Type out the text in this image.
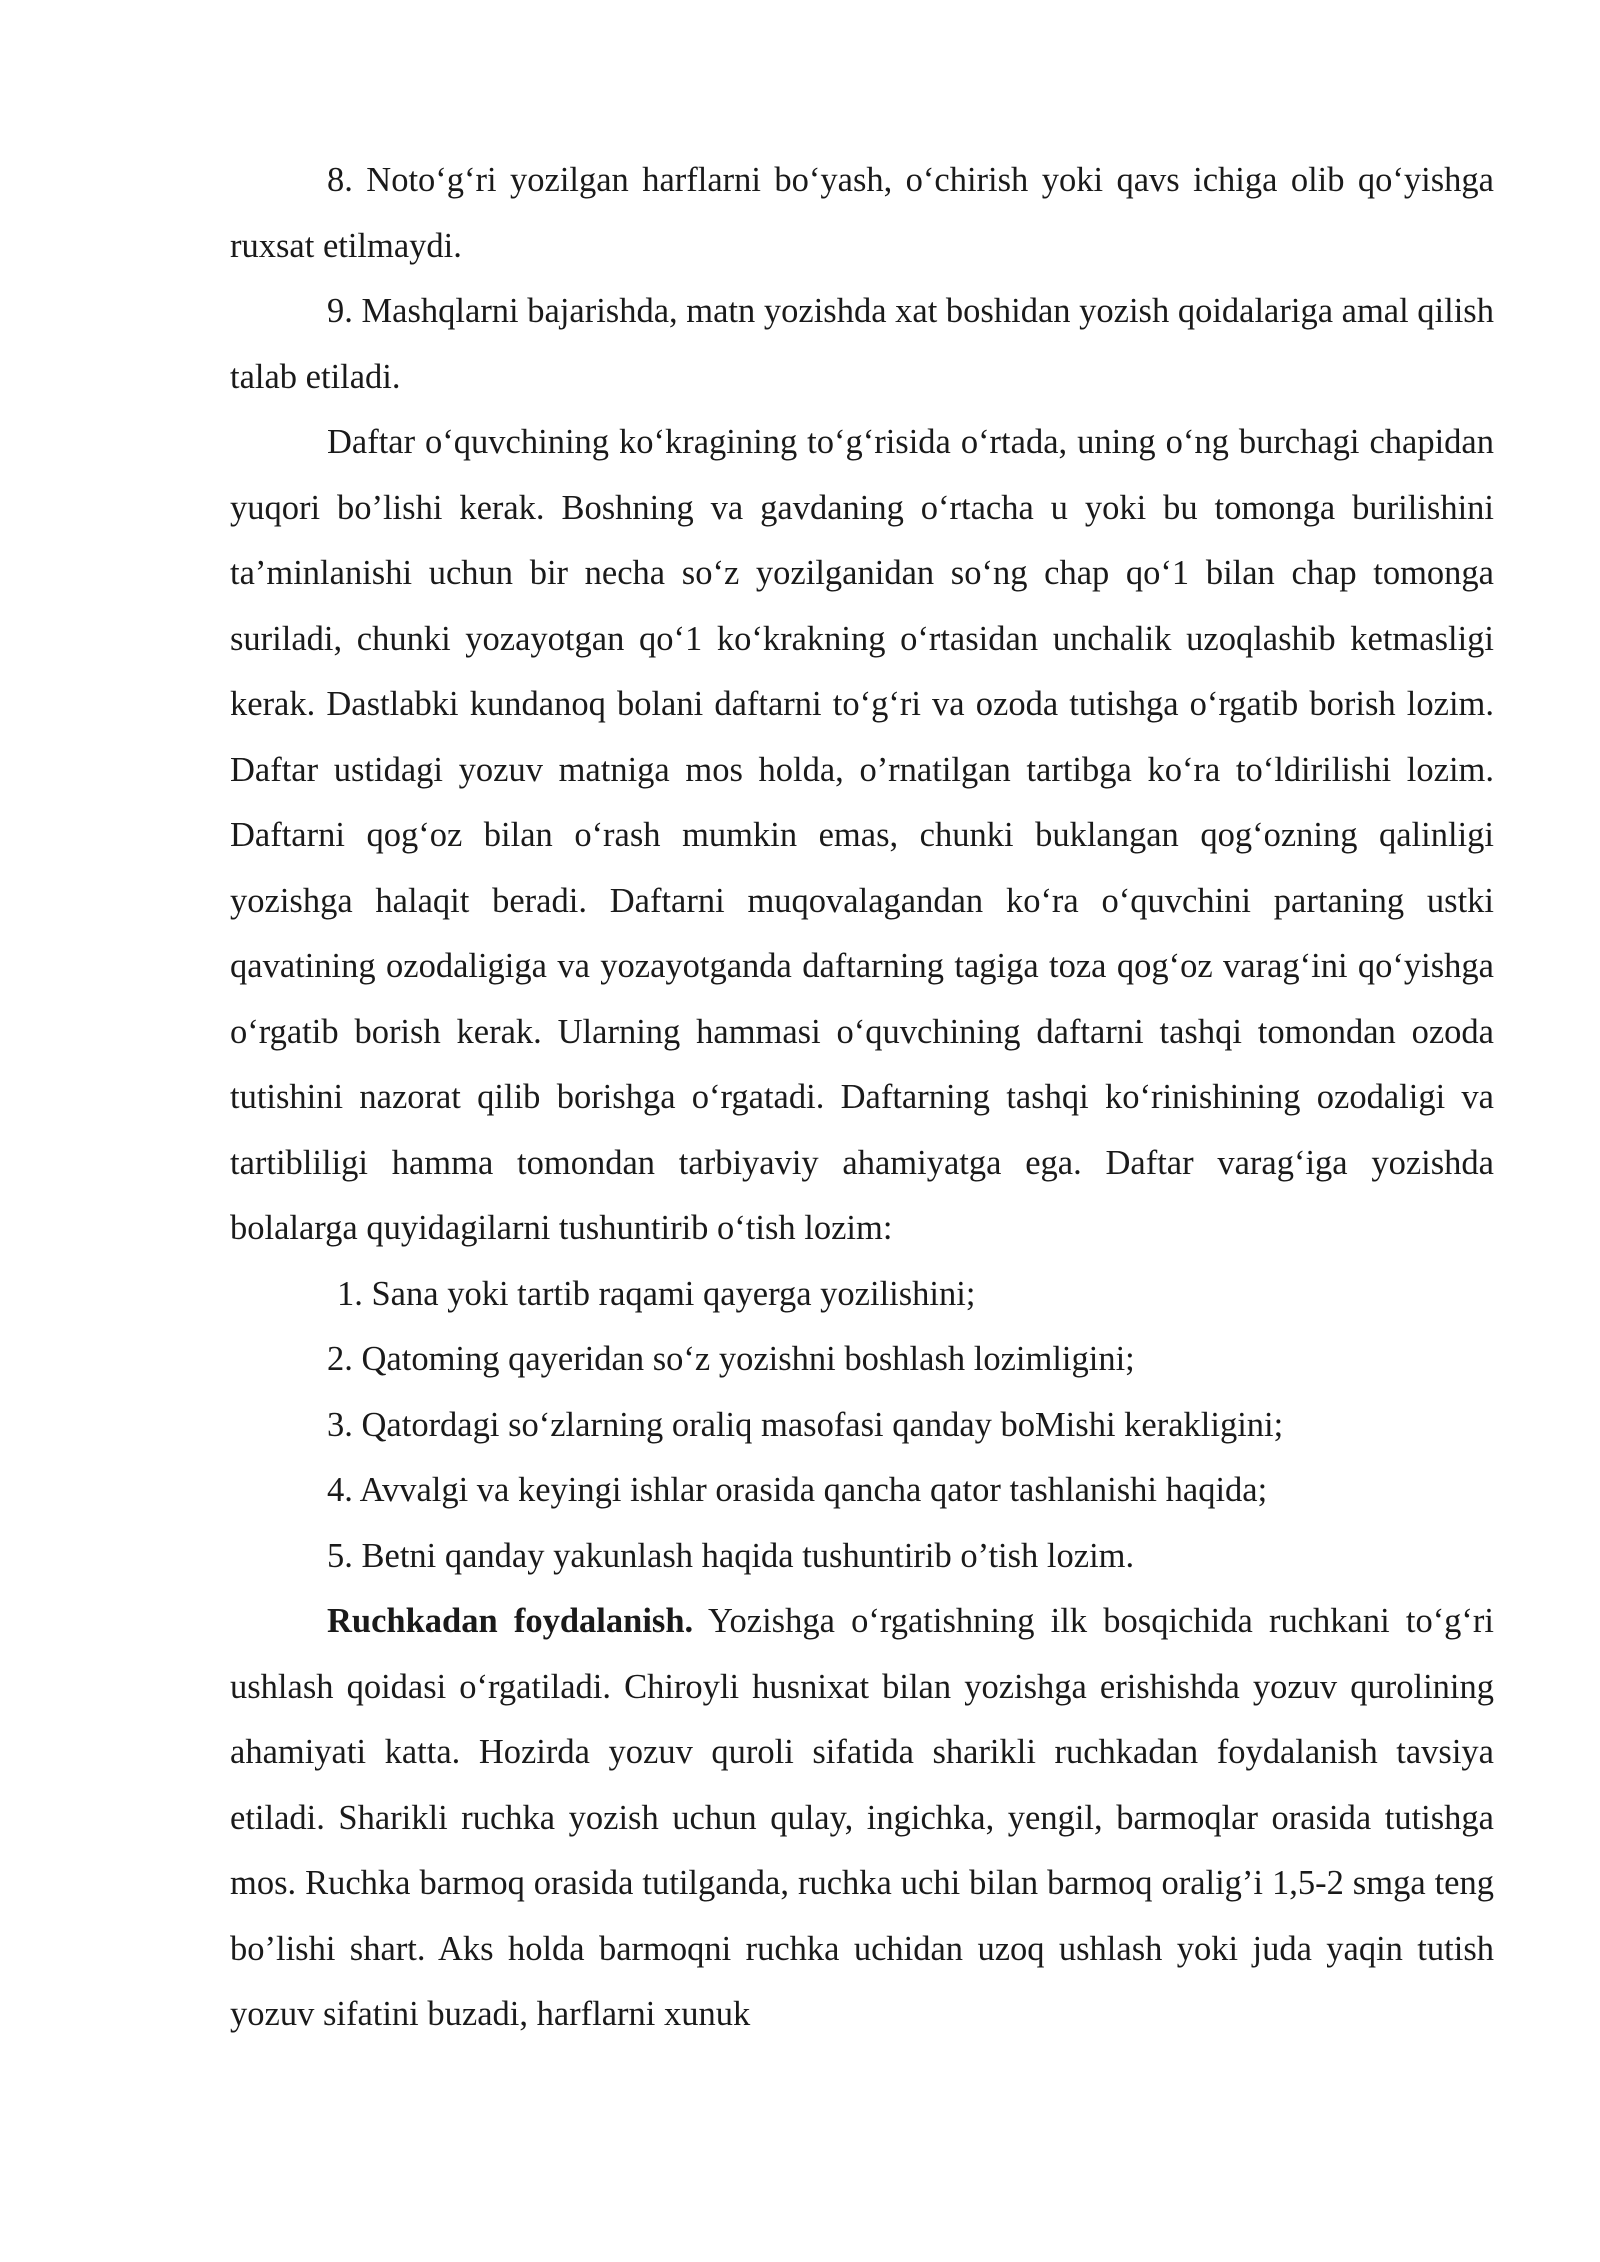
8. Noto‘g‘ri yozilgan harflarni bo‘yash, o‘chirish yoki qavs ichiga olib qo‘yishga ruxsat etilmaydi.

9. Mashqlarni bajarishda, matn yozishda xat boshidan yozish qoidalariga amal qilish talab etiladi.

Daftar o‘quvchining ko‘kragining to‘g‘risida o‘rtada, uning o‘ng burchagi chapidan yuqori bo’lishi kerak. Boshning va gavdaning o‘rtacha u yoki bu tomonga burilishini ta’minlanishi uchun bir necha so‘z yozilganidan so‘ng chap qo‘1 bilan chap tomonga suriladi, chunki yozayotgan qo‘1 ko‘krakning o‘rtasidan unchalik uzoqlashib ketmasligi kerak. Dastlabki kundanoq bolani daftarni to‘g‘ri va ozoda tutishga o‘rgatib borish lozim. Daftar ustidagi yozuv matniga mos holda, o’rnatilgan tartibga ko‘ra to‘ldirilishi lozim. Daftarni qog‘oz bilan o‘rash mumkin emas, chunki buklangan qog‘ozning qalinligi yozishga halaqit beradi. Daftarni muqovalagandan ko‘ra o‘quvchini partaning ustki qavatining ozodaligiga va yozayotganda daftarning tagiga toza qog‘oz varag‘ini qo‘yishga o‘rgatib borish kerak. Ularning hammasi o‘quvchining daftarni tashqi tomondan ozoda tutishini nazorat qilib borishga o‘rgatadi. Daftarning tashqi ko‘rinishining ozodaligi va tartibliligi hamma tomondan tarbiyaviy ahamiyatga ega. Daftar varag‘iga yozishda bolalarga quyidagilarni tushuntirib o‘tish lozim:

1. Sana yoki tartib raqami qayerga yozilishini;

2. Qatoming qayeridan so‘z yozishni boshlash lozimligini;

3. Qatordagi so‘zlarning oraliq masofasi qanday boMishi kerakligini;

4. Avvalgi va keyingi ishlar orasida qancha qator tashlanishi haqida;

5. Betni qanday yakunlash haqida tushuntirib o’tish lozim.

Ruchkadan foydalanish. Yozishga o‘rgatishning ilk bosqichida ruchkani to‘g‘ri ushlash qoidasi o‘rgatiladi. Chiroyli husnixat bilan yozishga erishishda yozuv qurolining ahamiyati katta. Hozirda yozuv quroli sifatida sharikli ruchkadan foydalanish tavsiya etiladi. Sharikli ruchka yozish uchun qulay, ingichka, yengil, barmoqlar orasida tutishga mos. Ruchka barmoq orasida tutilganda, ruchka uchi bilan barmoq oralig’i 1,5-2 smga teng bo’lishi shart. Aks holda barmoqni ruchka uchidan uzoq ushlash yoki juda yaqin tutish yozuv sifatini buzadi, harflarni xunuk
